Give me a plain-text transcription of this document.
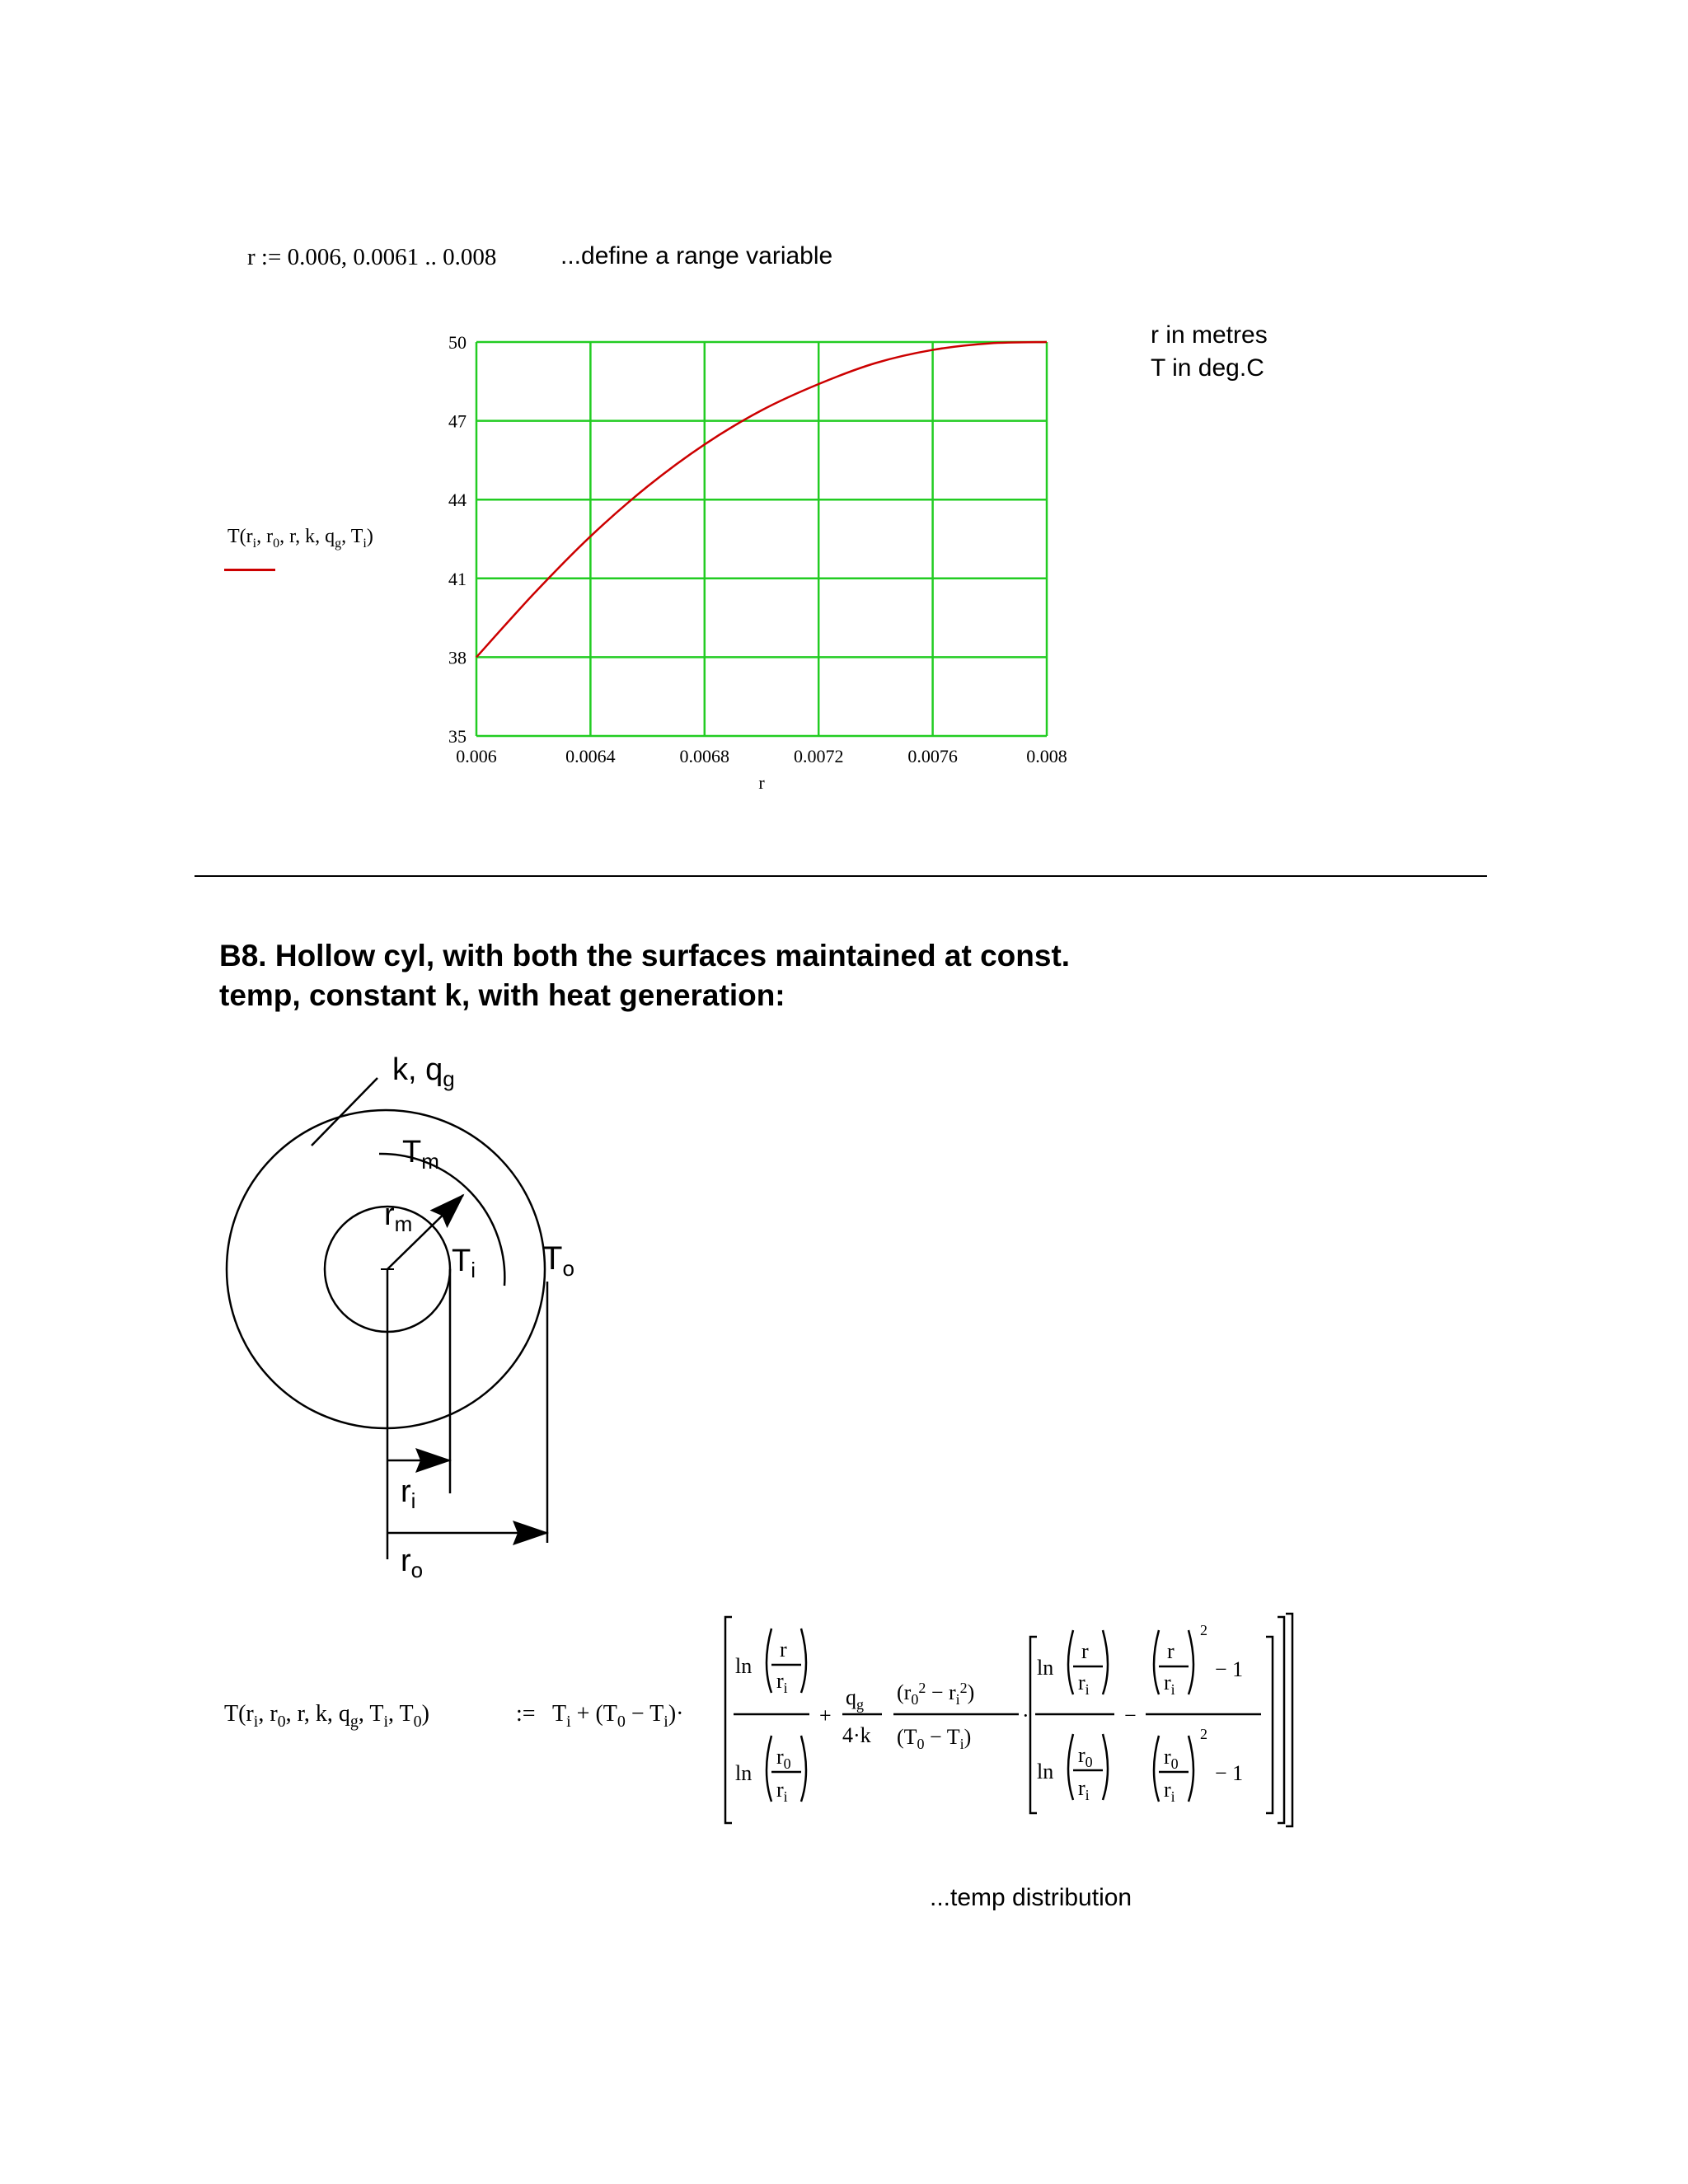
r := 0.006, 0.0061 .. 0.008	...define a range variable
r in metres
T in deg.C
$T(r_i$, $r_0$, r, k, $q_g$, $T_i$)
0.006	0.0064	0.0068	0.0072	0.0076	0.008
35
38
41
44
47
50
r
B8. Hollow cyl, with both the surfaces maintained at const.
temp, constant k, with heat generation:
k, $q_g$
$T_m$
$r_m$
$T_i$ $T_o$
$r_i$
$r_o$
$T(r_i$, $r_0$, r, k, $q_g$, $T_i$, $T_0$)	:= $T_i + (T_0 - T_i)\cdot$
ln
r
$r_i$
ln
$r_0$
$r_i$
+
$q_g$
4·k
$(r_0^2 - r_i^2)$
$(T_0 - T_i)$
·
ln
r
$r_i$
ln
$r_0$
$r_i$
−
r
$r_i$
2
− 1
$r_0$
$r_i$
2
− 1
...temp distribution
